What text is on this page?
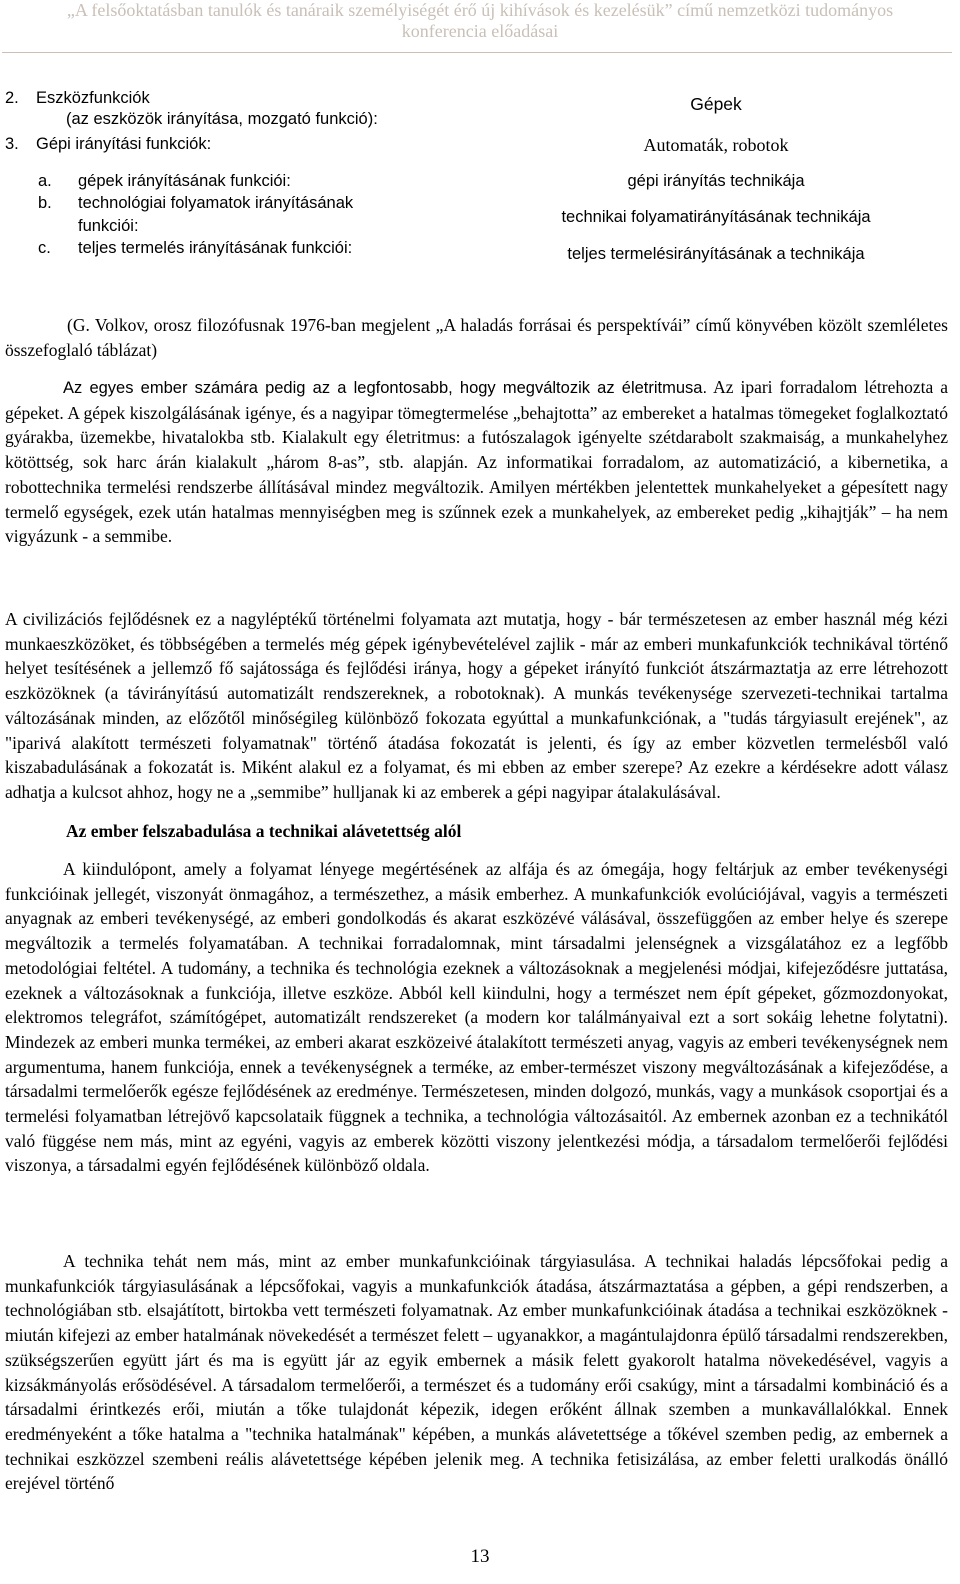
„A felsőoktatásban tanulók és tanáraik személyiségét érő új kihívások és kezelésük” című nemzetközi tudományos
konferencia előadásai
2. Eszközfunkciók
(az eszközök irányítása, mozgató funkció):
3. Gépi irányítási funkciók:
a. gépek irányításának funkciói:
b. technológiai folyamatok irányításának
funkciói:
c. teljes termelés irányításának funkciói:
Gépek
Automaták, robotok
gépi irányítás technikája
technikai folyamatirányításának technikája
teljes termelésirányításának a technikája

(G. Volkov, orosz filozófusnak 1976-ban megjelent „A haladás forrásai és perspektívái” című könyvében közölt szemléletes összefoglaló táblázat)

Az egyes ember számára pedig az a legfontosabb, hogy megváltozik az életritmusa. Az ipari forradalom létrehozta a gépeket. A gépek kiszolgálásának igénye, és a nagyipar tömegtermelése „behajtotta” az embereket a hatalmas tömegeket foglalkoztató gyárakba, üzemekbe, hivatalokba stb. Kialakult egy életritmus: a futószalagok igényelte szétdarabolt szakmaiság, a munkahelyhez kötöttség, sok harc árán kialakult „három 8-as”, stb. alapján. Az informatikai forradalom, az automatizáció, a kibernetika, a robottechnika termelési rendszerbe állításával mindez megváltozik. Amilyen mértékben jelentettek munkahelyeket a gépesített nagy termelő egységek, ezek után hatalmas mennyiségben meg is szűnnek ezek a munkahelyek, az embereket pedig „kihajtják” – ha nem vigyázunk - a semmibe.

A civilizációs fejlődésnek ez a nagyléptékű történelmi folyamata azt mutatja, hogy - bár természetesen az ember használ még kézi munkaeszközöket, és többségében a termelés még gépek igénybevételével zajlik - már az emberi munkafunkciók technikával történő helyet tesítésének a jellemző fő sajátossága és fejlődési iránya, hogy a gépeket irányító funkciót átszármaztatja az erre létrehozott eszközöknek (a távirányítású automatizált rendszereknek, a robotoknak). A munkás tevékenysége szervezeti-technikai tartalma változásának minden, az előzőtől minőségileg különböző fokozata egyúttal a munkafunkciónak, a "tudás tárgyiasult erejének", az "iparivá alakított természeti folyamatnak" történő átadása fokozatát is jelenti, és így az ember közvetlen termelésből való kiszabadulásának a fokozatát is. Miként alakul ez a folyamat, és mi ebben az ember szerepe? Az ezekre a kérdésekre adott válasz adhatja a kulcsot ahhoz, hogy ne a „semmibe” hulljanak ki az emberek a gépi nagyipar átalakulásával.

Az ember felszabadulása a technikai alávetettség alól

A kiindulópont, amely a folyamat lényege megértésének az alfája és az ómegája, hogy feltárjuk az ember tevékenységi funkcióinak jellegét, viszonyát önmagához, a természethez, a másik emberhez. A munkafunkciók evolúciójával, vagyis a természeti anyagnak az emberi tevékenységé, az emberi gondolkodás és akarat eszközévé válásával, összefüggően az ember helye és szerepe megváltozik a termelés folyamatában. A technikai forradalomnak, mint társadalmi jelenségnek a vizsgálatához ez a legfőbb metodológiai feltétel. A tudomány, a technika és technológia ezeknek a változásoknak a megjelenési módjai, kifejeződésre juttatása, ezeknek a változásoknak a funkciója, illetve eszköze. Abból kell kiindulni, hogy a természet nem épít gépeket, gőzmozdonyokat, elektromos telegráfot, számítógépet, automatizált rendszereket (a modern kor találmányaival ezt a sort sokáig lehetne folytatni). Mindezek az emberi munka termékei, az emberi akarat eszközeivé átalakított természeti anyag, vagyis az emberi tevékenységnek nem argumentuma, hanem funkciója, ennek a tevékenységnek a terméke, az ember-természet viszony megváltozásának a kifejeződése, a társadalmi termelőerők egésze fejlődésének az eredménye. Természetesen, minden dolgozó, munkás, vagy a munkások csoportjai és a termelési folyamatban létrejövő kapcsolataik függnek a technika, a technológia változásaitól. Az embernek azonban ez a technikától való függése nem más, mint az egyéni, vagyis az emberek közötti viszony jelentkezési módja, a társadalom termelőerői fejlődési viszonya, a társadalmi egyén fejlődésének különböző oldala.

A technika tehát nem más, mint az ember munkafunkcióinak tárgyiasulása. A technikai haladás lépcsőfokai pedig a munkafunkciók tárgyiasulásának a lépcsőfokai, vagyis a munkafunkciók átadása, átszármaztatása a gépben, a gépi rendszerben, a technológiában stb. elsajátított, birtokba vett természeti folyamatnak. Az ember munkafunkcióinak átadása a technikai eszközöknek - miután kifejezi az ember hatalmának növekedését a természet felett – ugyanakkor, a magántulajdonra épülő társadalmi rendszerekben, szükségszerűen együtt járt és ma is együtt jár az egyik embernek a másik felett gyakorolt hatalma növekedésével, vagyis a kizsákmányolás erősödésével. A társadalom termelőerői, a természet és a tudomány erői csakúgy, mint a társadalmi kombináció és a társadalmi érintkezés erői, miután a tőke tulajdonát képezik, idegen erőként állnak szemben a munkavállalókkal. Ennek eredményeként a tőke hatalma a "technika hatalmának" képében, a munkás alávetettsége a tőkével szemben pedig, az embernek a technikai eszközzel szembeni reális alávetettsége képében jelenik meg. A technika fetisizálása, az ember feletti uralkodás önálló erejével történő

13
